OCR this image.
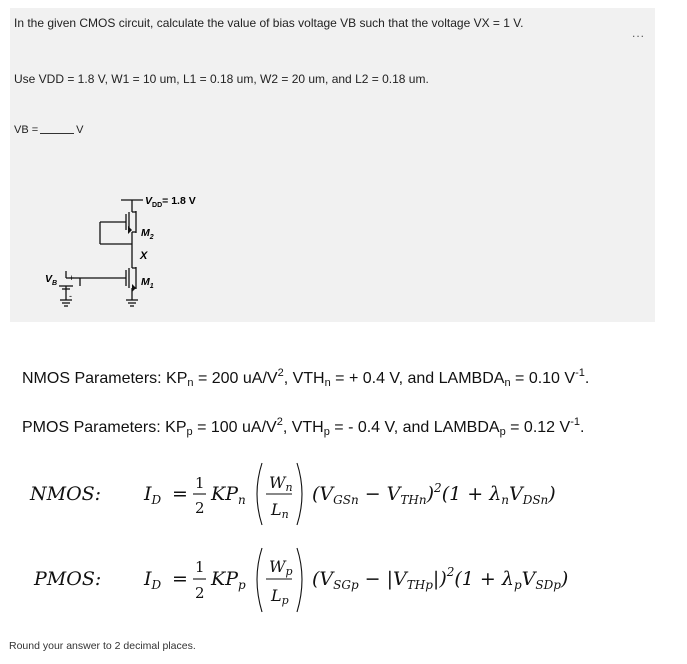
In the given CMOS circuit, calculate the value of bias voltage VB such that the voltage VX = 1 V.
...
Use VDD = 1.8 V, W1 = 10 um, L1 = 0.18 um, W2 = 20 um, and L2 = 0.18 um.
VB =	V
$V_{DD}= 1.8$ V
$M_2$
X
$M_1$
$V_B$
+
-
NMOS Parameters: $KP_n = 200$ $uA/V^2$, $VTH_n$ = + 0.4 V, and $LAMBDA_n = 0.10$ $V^{-1}$.
PMOS Parameters: $KP_p = 100$ $uA/V^2$, $VTH_p$ = - 0.4 V, and $LAMBDA_p = 0.12$ $V^{-1}$.
NMOS: $I_D = 1$
2
$KP_n$
Wn
Ln
$(V_{GSn} - V_{THn})^2(1 + \lambda_nV_{DSn})$
PMOS: $I_D$ =
1
2
$KP_p$
Wp
Lp
$(V_{SGp} - |V_{THp}|)^2(1 + \lambda_pV_{SDp})$
Round your answer to 2 decimal places.
